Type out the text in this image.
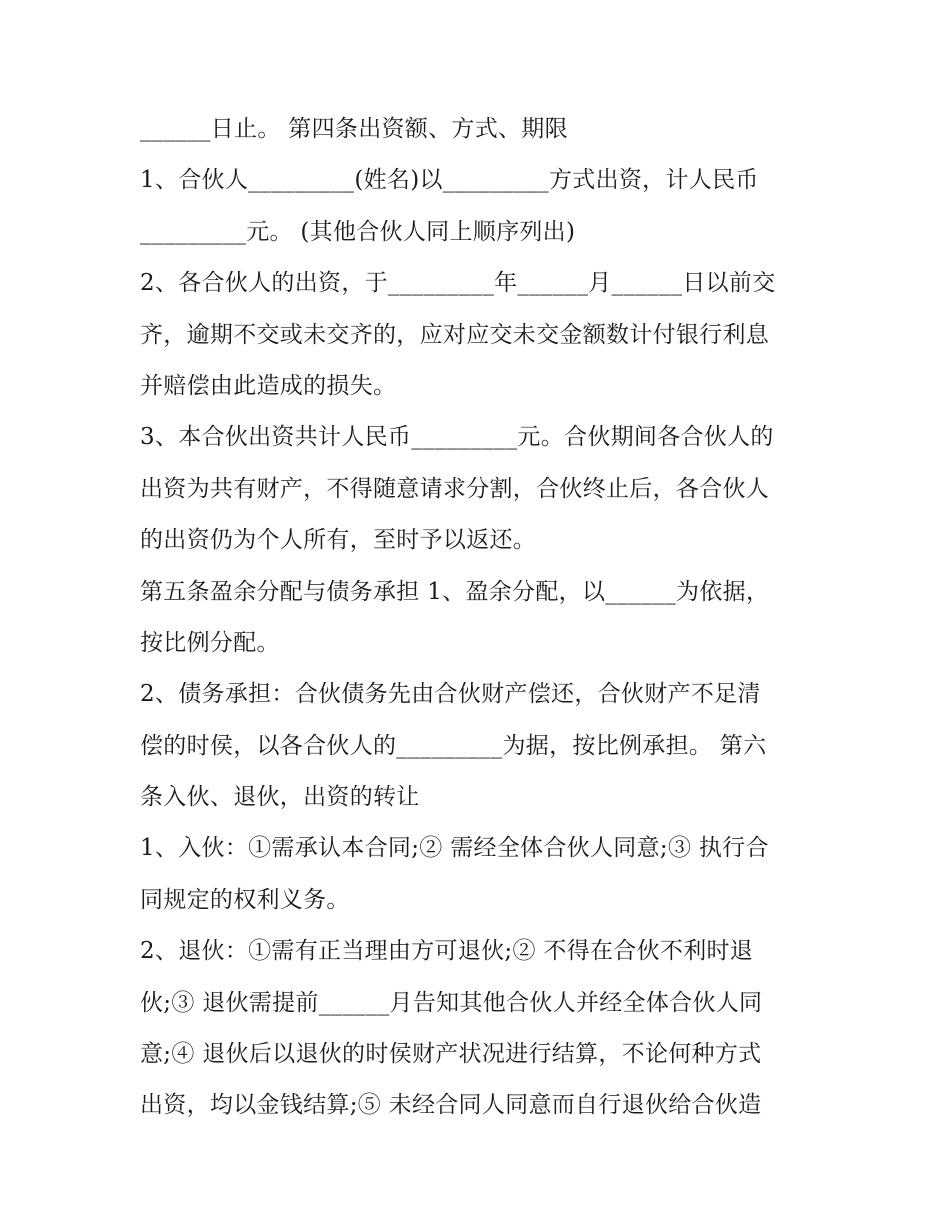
______日止。 第四条出资额、方式、期限
1、合伙人_________(姓名)以_________方式出资，计人民币
_________元。 (其他合伙人同上顺序列出)
2、各合伙人的出资，于_________年______月______日以前交
齐，逾期不交或未交齐的，应对应交未交金额数计付银行利息
并赔偿由此造成的损失。
3、本合伙出资共计人民币_________元。合伙期间各合伙人的
出资为共有财产，不得随意请求分割，合伙终止后，各合伙人
的出资仍为个人所有，至时予以返还。
第五条盈余分配与债务承担 1、盈余分配，以______为依据，
按比例分配。
2、债务承担：合伙债务先由合伙财产偿还，合伙财产不足清
偿的时侯，以各合伙人的_________为据，按比例承担。 第六
条入伙、退伙，出资的转让
1、入伙：①需承认本合同;② 需经全体合伙人同意;③ 执行合
同规定的权利义务。
2、退伙：①需有正当理由方可退伙;② 不得在合伙不利时退
伙;③ 退伙需提前______月告知其他合伙人并经全体合伙人同
意;④ 退伙后以退伙的时侯财产状况进行结算，不论何种方式
出资，均以金钱结算;⑤ 未经合同人同意而自行退伙给合伙造
